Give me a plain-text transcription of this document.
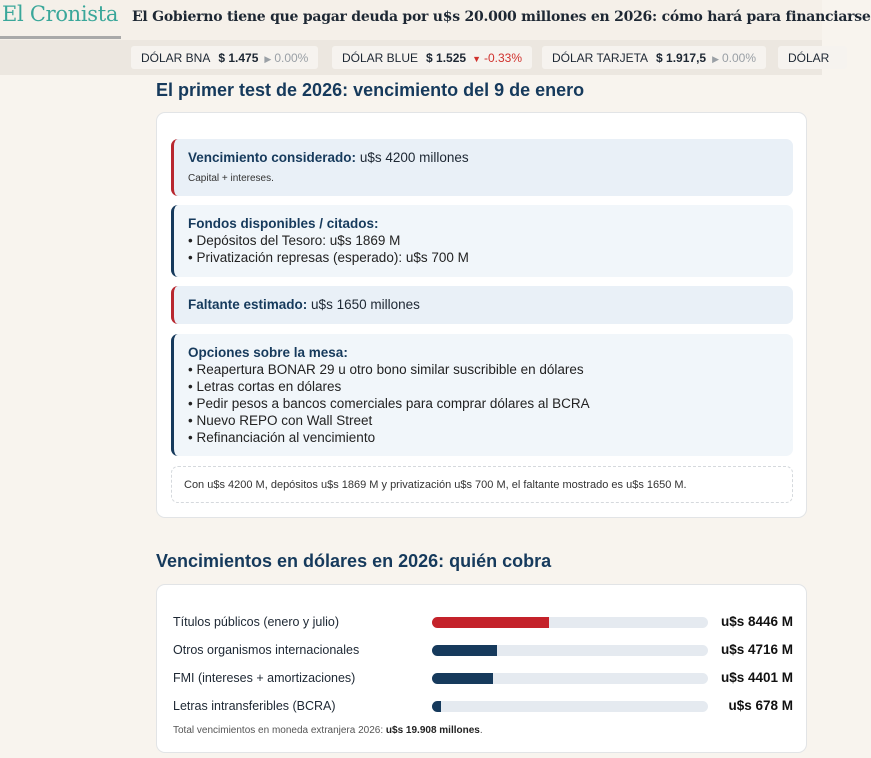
El Cronista El Gobierno tiene que pagar deuda por u$s 20.000 millones en 2026: cómo hará para financiarse
DÓLAR BNA $ 1.475 ▶ 0.00%	DÓLAR BLUE $ 1.525 ▼ -0.33% DÓLAR TARJETA $ 1.917,5 ▶ 0.00%	DÓLAR
El primer test de 2026: vencimiento del 9 de enero
Vencimiento considerado: u$s 4200 millones
Capital + intereses.
Fondos disponibles / citados:
• Depósitos del Tesoro: u$s 1869 M
• Privatización represas (esperado): u$s 700 M
Faltante estimado: u$s 1650 millones
Opciones sobre la mesa:
• Reapertura BONAR 29 u otro bono similar suscribible en dólares
• Letras cortas en dólares
• Pedir pesos a bancos comerciales para comprar dólares al BCRA
• Nuevo REPO con Wall Street
• Refinanciación al vencimiento
Con u$s 4200 M, depósitos u$s 1869 M y privatización u$s 700 M, el faltante mostrado es u$s 1650 M.
Vencimientos en dólares en 2026: quién cobra
Títulos públicos (enero y julio)	u$s 8446 M
Otros organismos internacionales	u$s 4716 M
FMI (intereses + amortizaciones)	u$s 4401 M
Letras intransferibles (BCRA)	u$s 678 M
Total vencimientos en moneda extranjera 2026: u$s 19.908 millones.
